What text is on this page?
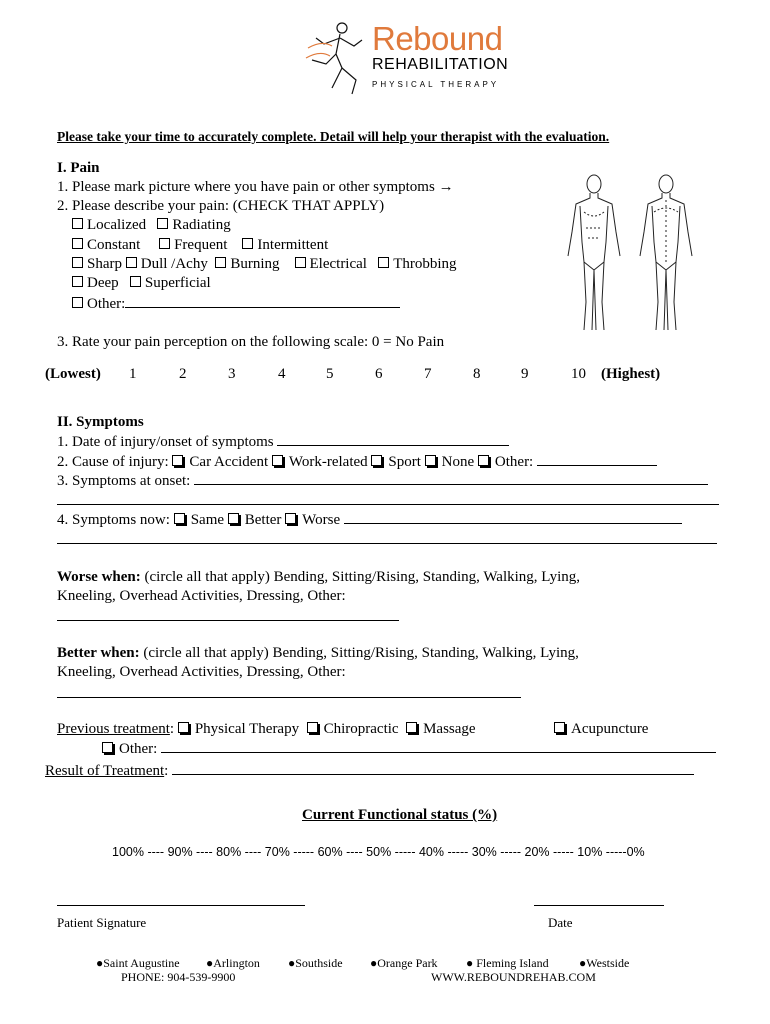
Rebound
REHABILITATION
PHYSICAL THERAPY
Please take your time to accurately complete. Detail will help your therapist with the evaluation.
I. Pain
1. Please mark picture where you have pain or other symptoms →
2. Please describe your pain: (CHECK THAT APPLY)
Localized Radiating
Constant Frequent Intermittent
Sharp Dull /Achy Burning Electrical Throbbing
Deep Superficial
Other:
3. Rate your pain perception on the following scale: 0 = No Pain
(Lowest) 1	2	3	4	5	6	7	8	9	10 (Highest)
II. Symptoms
1. Date of injury/onset of symptoms
2. Cause of injury: Car Accident Work-related Sport None Other:
3. Symptoms at onset:
4. Symptoms now: Same Better Worse
Worse when: (circle all that apply) Bending, Sitting/Rising, Standing, Walking, Lying,
Kneeling, Overhead Activities, Dressing, Other:
Better when: (circle all that apply) Bending, Sitting/Rising, Standing, Walking, Lying,
Kneeling, Overhead Activities, Dressing, Other:
Previous treatment: Physical Therapy Chiropractic Massage	Acupuncture
Other:
Result of Treatment:
Current Functional status (%)
100% ---- 90% ---- 80% ---- 70% ----- 60% ---- 50% ----- 40% ----- 30% ----- 20% ----- 10% -----0%
Patient Signature	Date
●Saint Augustine ●Arlington ●Southside ●Orange Park ● Fleming Island	●Westside
PHONE: 904-539-9900	WWW.REBOUNDREHAB.COM
